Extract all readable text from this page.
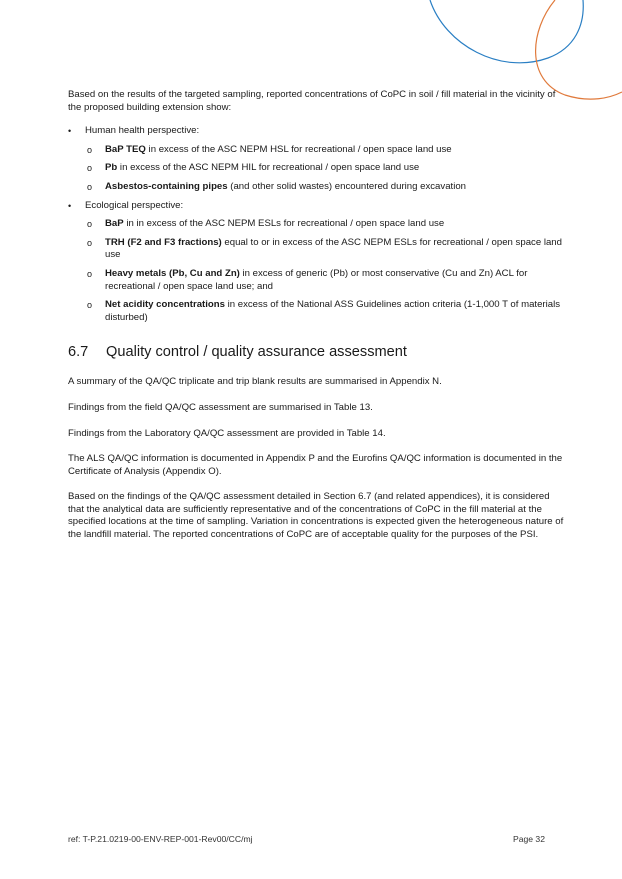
Based on the results of the targeted sampling, reported concentrations of CoPC in soil / fill material in the vicinity of the proposed building extension show:

• Human health perspective:
o BaP TEQ in excess of the ASC NEPM HSL for recreational / open space land use
o Pb in excess of the ASC NEPM HIL for recreational / open space land use
o Asbestos-containing pipes (and other solid wastes) encountered during excavation
• Ecological perspective:
o BaP in in excess of the ASC NEPM ESLs for recreational / open space land use
o TRH (F2 and F3 fractions) equal to or in excess of the ASC NEPM ESLs for recreational / open space land use
o Heavy metals (Pb, Cu and Zn) in excess of generic (Pb) or most conservative (Cu and Zn) ACL for recreational / open space land use; and
o Net acidity concentrations in excess of the National ASS Guidelines action criteria (1-1,000 T of materials disturbed)
6.7 Quality control / quality assurance assessment

A summary of the QA/QC triplicate and trip blank results are summarised in Appendix N.

Findings from the field QA/QC assessment are summarised in Table 13.

Findings from the Laboratory QA/QC assessment are provided in Table 14.

The ALS QA/QC information is documented in Appendix P and the Eurofins QA/QC information is documented in the Certificate of Analysis (Appendix O).

Based on the findings of the QA/QC assessment detailed in Section 6.7 (and related appendices), it is considered that the analytical data are sufficiently representative and of the concentrations of CoPC in the fill material at the specified locations at the time of sampling. Variation in concentrations is expected given the heterogeneous nature of the landfill material. The reported concentrations of CoPC are of acceptable quality for the purposes of the PSI.

ref: T-P.21.0219-00-ENV-REP-001-Rev00/CC/mj	Page 32
